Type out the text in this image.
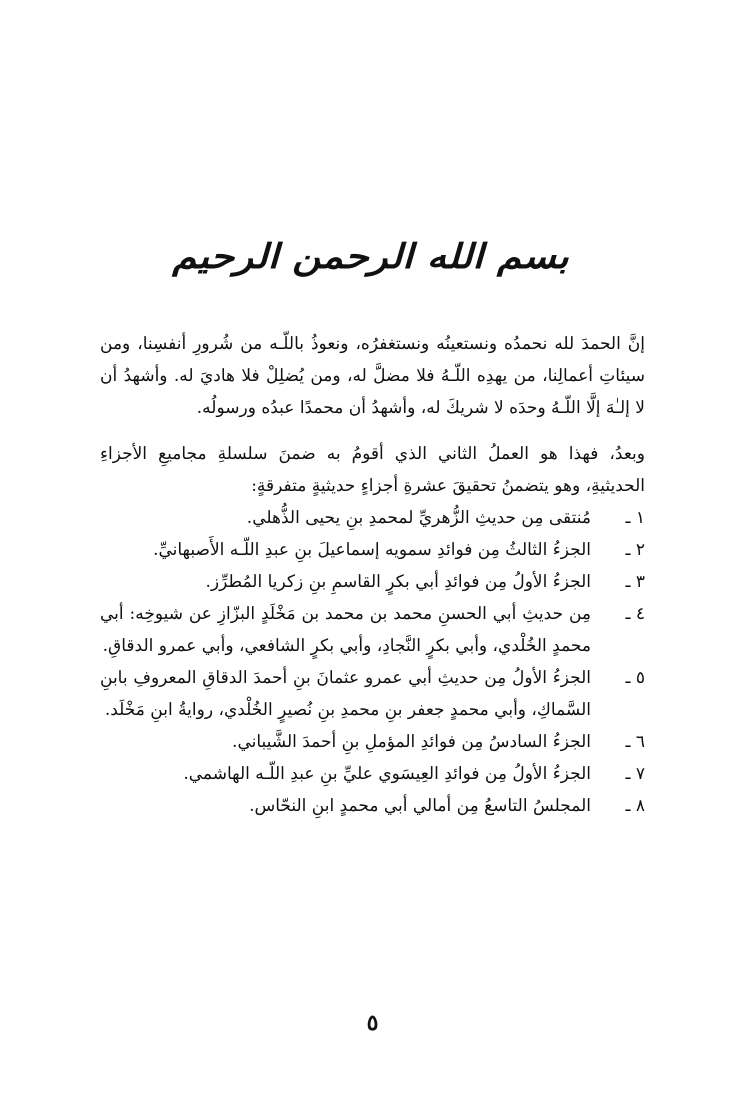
بسم الله الرحمن الرحيم

إنَّ الحمدَ لله نحمدُه ونستعينُه ونستغفرُه، ونعوذُ باللّـه من شُرورِ أنفسِنا، ومن سيئاتِ أعمالِنا، من يهدِه اللّـهُ فلا مضلَّ له، ومن يُضلِلْ فلا هاديَ له. وأشهدُ أن لا إلـٰهَ إلَّا اللّـهُ وحدَه لا شريكَ له، وأشهدُ أن محمدًا عبدُه ورسولُه.

وبعدُ، فهذا هو العملُ الثاني الذي أقومُ به ضمنَ سلسلةِ مجاميعِ الأجزاءِ الحديثيةِ، وهو يتضمنُ تحقيقَ عشرةِ أجزاءٍ حديثيةٍ متفرقةٍ:

١ ـ
مُنتقى مِن حديثِ الزُّهريِّ لمحمدِ بنِ يحيى الذُّهلي.

٢ ـ
الجزءُ الثالثُ مِن فوائدِ سمويه إسماعيلَ بنِ عبدِ اللّـه الأَصبهانيِّ.

٣ ـ
الجزءُ الأولُ مِن فوائدِ أبي بكرٍ القاسمِ بنِ زكريا المُطرِّز.

٤ ـ
مِن حديثِ أبي الحسنِ محمد بن محمد بن مَخْلَدٍ البزّازِ عن شيوخِه: أبي محمدٍ الخُلْدي، وأبي بكرٍ النَّجادِ، وأبي بكرٍ الشافعي، وأبي عمرو الدقاقِ.

٥ ـ
الجزءُ الأولُ مِن حديثِ أبي عمرو عثمانَ بنِ أحمدَ الدقاقِ المعروفِ بابنِ السَّماكِ، وأبي محمدٍ جعفر بنِ محمدِ بنِ نُصيرٍ الخُلْدي، روايةُ ابنِ مَخْلَد.

٦ ـ
الجزءُ السادسُ مِن فوائدِ المؤملِ بنِ أحمدَ الشَّيباني.

٧ ـ
الجزءُ الأولُ مِن فوائدِ العِيسَوي عليِّ بنِ عبدِ اللّـه الهاشمي.

٨ ـ
المجلسُ التاسعُ مِن أمالي أبي محمدٍ ابنِ النحّاس.

٥
